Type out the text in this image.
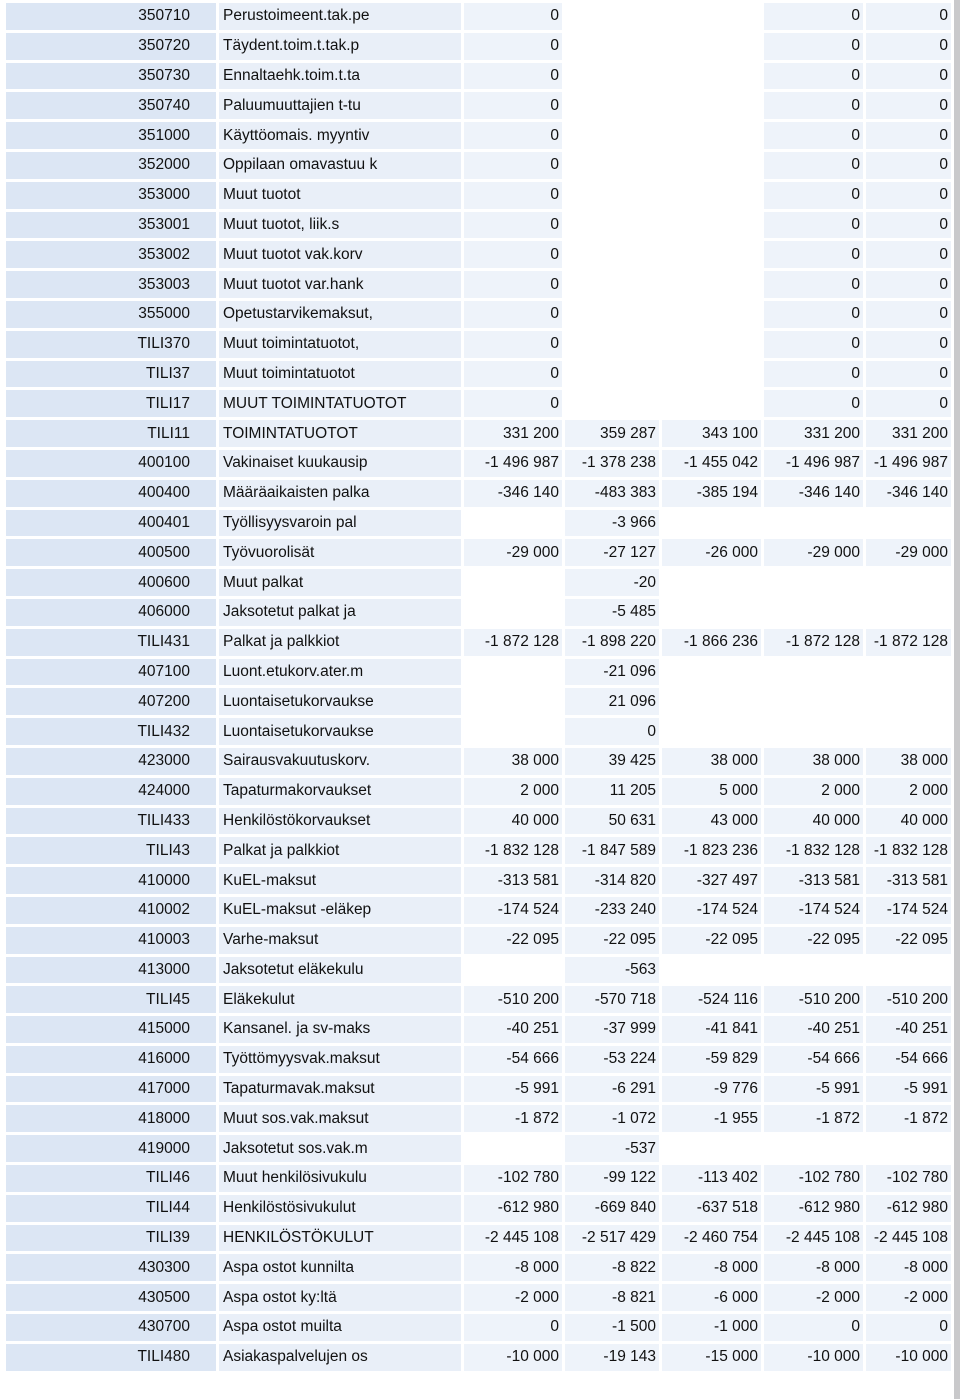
350710	Perustoimeent.tak.pe	0			0	0
350720	Täydent.toim.t.tak.p	0			0	0
350730	Ennaltaehk.toim.t.ta	0			0	0
350740	Paluumuuttajien t-tu	0			0	0
351000	Käyttöomais. myyntiv	0			0	0
352000	Oppilaan omavastuu k	0			0	0
353000	Muut tuotot	0			0	0
353001	Muut tuotot, liik.s	0			0	0
353002	Muut tuotot vak.korv	0			0	0
353003	Muut tuotot var.hank	0			0	0
355000	Opetustarvikemaksut,	0			0	0
TILI370	Muut toimintatuotot,	0			0	0
TILI37	Muut toimintatuotot	0			0	0
TILI17	MUUT TOIMINTATUOTOT	0			0	0
TILI11	TOIMINTATUOTOT	331 200	359 287	343 100	331 200	331 200
400100	Vakinaiset kuukausip	-1 496 987	-1 378 238	-1 455 042	-1 496 987	-1 496 987
400400	Määräaikaisten palka	-346 140	-483 383	-385 194	-346 140	-346 140
400401	Työllisyysvaroin pal		-3 966			
400500	Työvuorolisät	-29 000	-27 127	-26 000	-29 000	-29 000
400600	Muut palkat		-20			
406000	Jaksotetut palkat ja		-5 485			
TILI431	Palkat ja palkkiot	-1 872 128	-1 898 220	-1 866 236	-1 872 128	-1 872 128
407100	Luont.etukorv.ater.m		-21 096			
407200	Luontaisetukorvaukse		21 096			
TILI432	Luontaisetukorvaukse		0			
423000	Sairausvakuutuskorv.	38 000	39 425	38 000	38 000	38 000
424000	Tapaturmakorvaukset	2 000	11 205	5 000	2 000	2 000
TILI433	Henkilöstökorvaukset	40 000	50 631	43 000	40 000	40 000
TILI43	Palkat ja palkkiot	-1 832 128	-1 847 589	-1 823 236	-1 832 128	-1 832 128
410000	KuEL-maksut	-313 581	-314 820	-327 497	-313 581	-313 581
410002	KuEL-maksut -eläkep	-174 524	-233 240	-174 524	-174 524	-174 524
410003	Varhe-maksut	-22 095	-22 095	-22 095	-22 095	-22 095
413000	Jaksotetut eläkekulu		-563			
TILI45	Eläkekulut	-510 200	-570 718	-524 116	-510 200	-510 200
415000	Kansanel. ja sv-maks	-40 251	-37 999	-41 841	-40 251	-40 251
416000	Työttömyysvak.maksut	-54 666	-53 224	-59 829	-54 666	-54 666
417000	Tapaturmavak.maksut	-5 991	-6 291	-9 776	-5 991	-5 991
418000	Muut sos.vak.maksut	-1 872	-1 072	-1 955	-1 872	-1 872
419000	Jaksotetut sos.vak.m		-537			
TILI46	Muut henkilösivukulu	-102 780	-99 122	-113 402	-102 780	-102 780
TILI44	Henkilöstösivukulut	-612 980	-669 840	-637 518	-612 980	-612 980
TILI39	HENKILÖSTÖKULUT	-2 445 108	-2 517 429	-2 460 754	-2 445 108	-2 445 108
430300	Aspa ostot kunnilta	-8 000	-8 822	-8 000	-8 000	-8 000
430500	Aspa ostot ky:ltä	-2 000	-8 821	-6 000	-2 000	-2 000
430700	Aspa ostot muilta	0	-1 500	-1 000	0	0
TILI480	Asiakaspalvelujen os	-10 000	-19 143	-15 000	-10 000	-10 000
